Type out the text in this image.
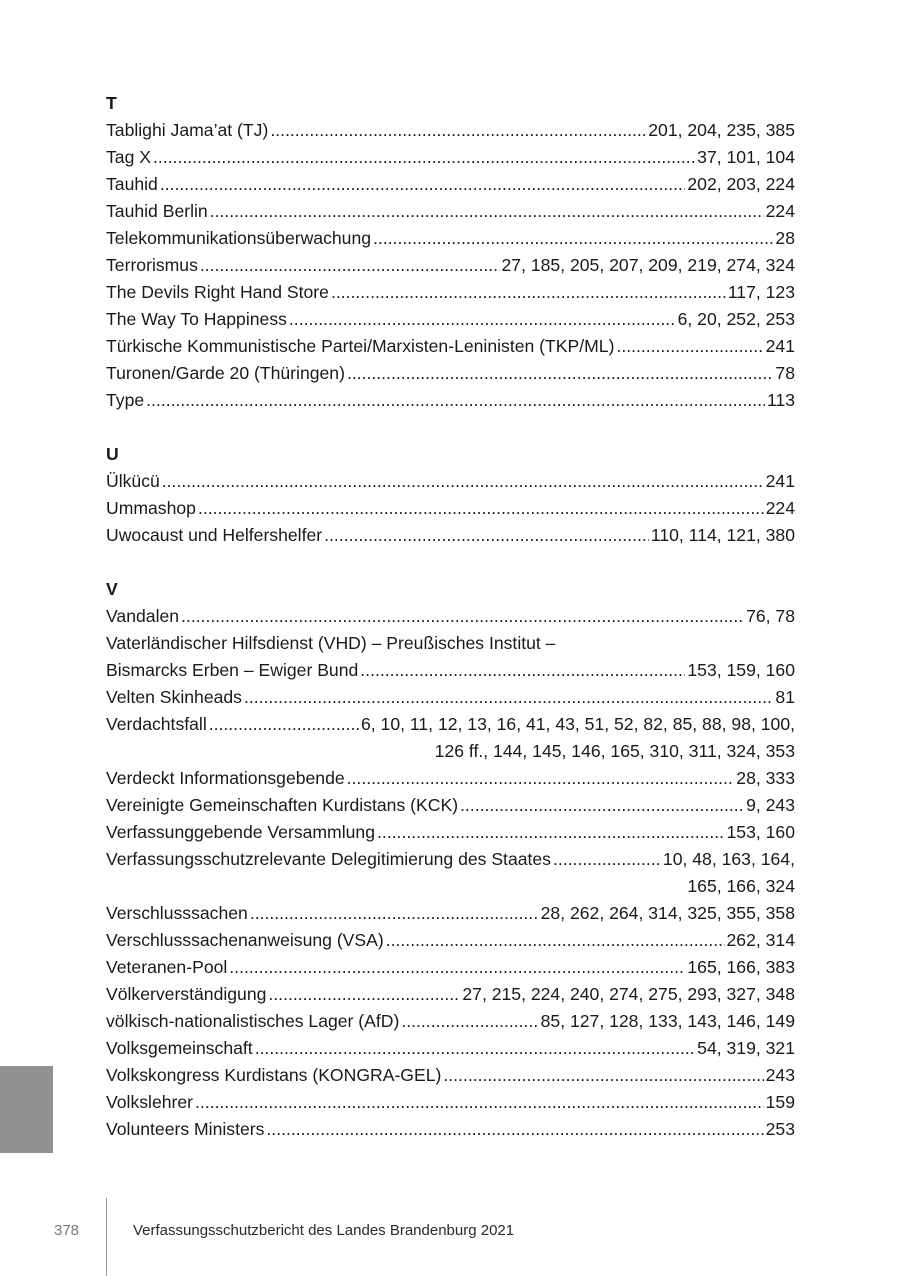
T
Tablighi Jama’at (TJ) .....	201, 204, 235, 385
Tag X .....	37, 101, 104
Tauhid .....	202, 203, 224
Tauhid Berlin .....	224
Telekommunikationsüberwachung .....	28
Terrorismus .....	27, 185, 205, 207, 209, 219, 274, 324
The Devils Right Hand Store .....	117, 123
The Way To Happiness .....	6, 20, 252, 253
Türkische Kommunistische Partei/Marxisten-Leninisten (TKP/ML) .....	241
Turonen/Garde 20 (Thüringen) .....	78
Type .....	113
U
Ülkücü .....	241
Ummashop .....	224
Uwocaust und Helfershelfer .....	110, 114, 121, 380
V
Vandalen .....	76, 78
Vaterländischer Hilfsdienst (VHD) – Preußisches Institut –
Bismarcks Erben – Ewiger Bund .....	153, 159, 160
Velten Skinheads .....	81
Verdachtsfall .....	6, 10, 11, 12, 13, 16, 41, 43, 51, 52, 82, 85, 88, 98, 100,
126 ff., 144, 145, 146, 165, 310, 311, 324, 353
Verdeckt Informationsgebende .....	28, 333
Vereinigte Gemeinschaften Kurdistans (KCK) .....	9, 243
Verfassunggebende Versammlung .....	153, 160
Verfassungsschutzrelevante Delegitimierung des Staates .....	10, 48, 163, 164,
165, 166, 324
Verschlusssachen .....	28, 262, 264, 314, 325, 355, 358
Verschlusssachenanweisung (VSA) .....	262, 314
Veteranen-Pool .....	165, 166, 383
Völkerverständigung .....	27, 215, 224, 240, 274, 275, 293, 327, 348
völkisch-nationalistisches Lager (AfD) .....	85, 127, 128, 133, 143, 146, 149
Volksgemeinschaft .....	54, 319, 321
Volkskongress Kurdistans (KONGRA-GEL) .....	243
Volkslehrer .....	159
Volunteers Ministers .....	253
378	Verfassungsschutzbericht des Landes Brandenburg 2021
